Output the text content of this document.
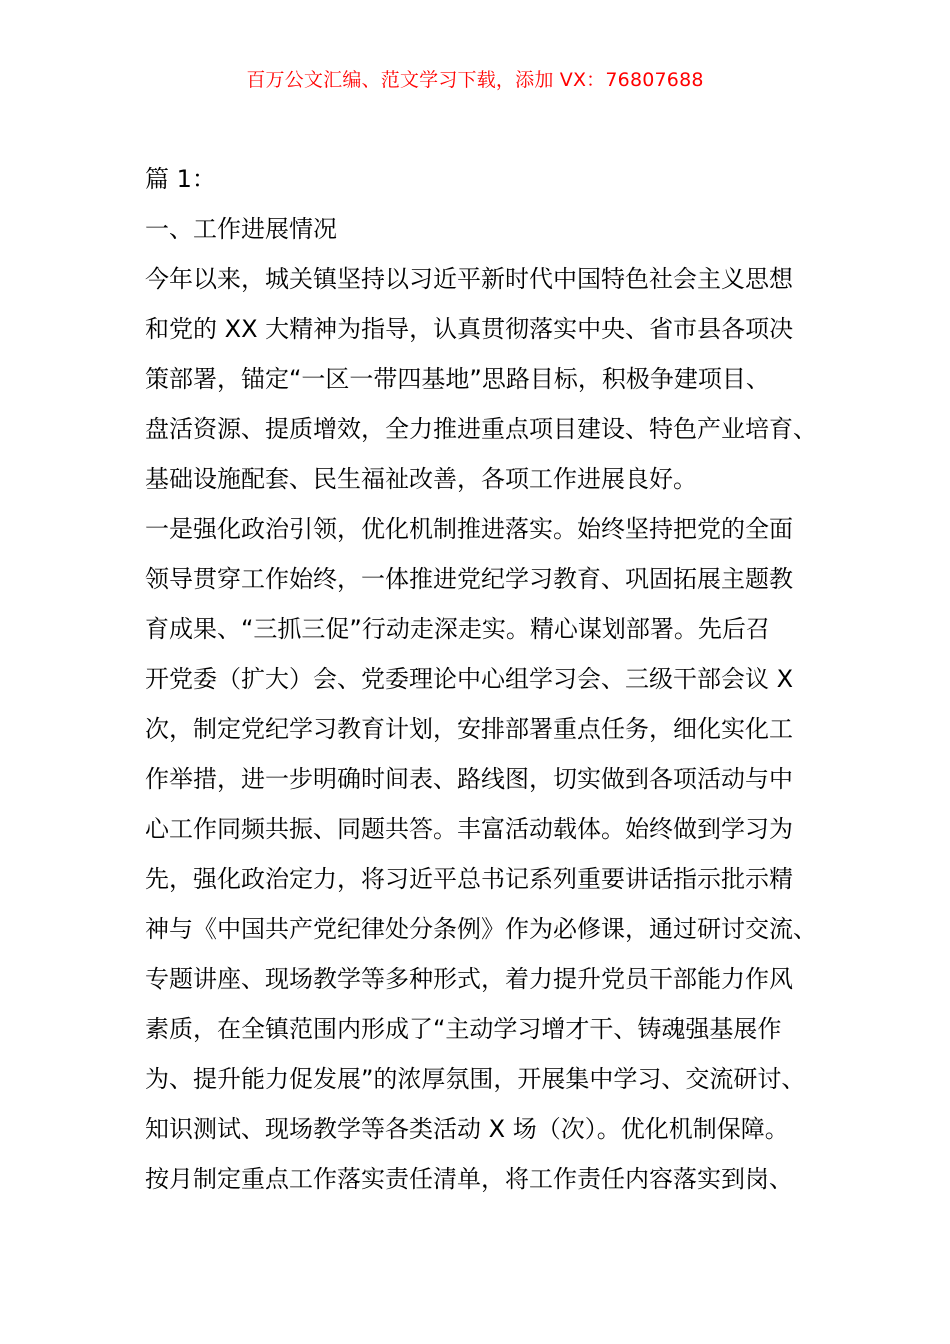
百万公文汇编、范文学习下载，添加 VX：76807688
篇 1：
一、工作进展情况
今年以来，城关镇坚持以习近平新时代中国特色社会主义思想
和党的 XX 大精神为指导，认真贯彻落实中央、省市县各项决
策部署，锚定“一区一带四基地”思路目标，积极争建项目、
盘活资源、提质增效，全力推进重点项目建设、特色产业培育、
基础设施配套、民生福祉改善，各项工作进展良好。
一是强化政治引领，优化机制推进落实。始终坚持把党的全面
领导贯穿工作始终，一体推进党纪学习教育、巩固拓展主题教
育成果、“三抓三促”行动走深走实。精心谋划部署。先后召
开党委（扩大）会、党委理论中心组学习会、三级干部会议 X
次，制定党纪学习教育计划，安排部署重点任务，细化实化工
作举措，进一步明确时间表、路线图，切实做到各项活动与中
心工作同频共振、同题共答。丰富活动载体。始终做到学习为
先，强化政治定力，将习近平总书记系列重要讲话指示批示精
神与《中国共产党纪律处分条例》作为必修课，通过研讨交流、
专题讲座、现场教学等多种形式，着力提升党员干部能力作风
素质，在全镇范围内形成了“主动学习增才干、铸魂强基展作
为、提升能力促发展”的浓厚氛围，开展集中学习、交流研讨、
知识测试、现场教学等各类活动 X 场（次）。优化机制保障。
按月制定重点工作落实责任清单，将工作责任内容落实到岗、
